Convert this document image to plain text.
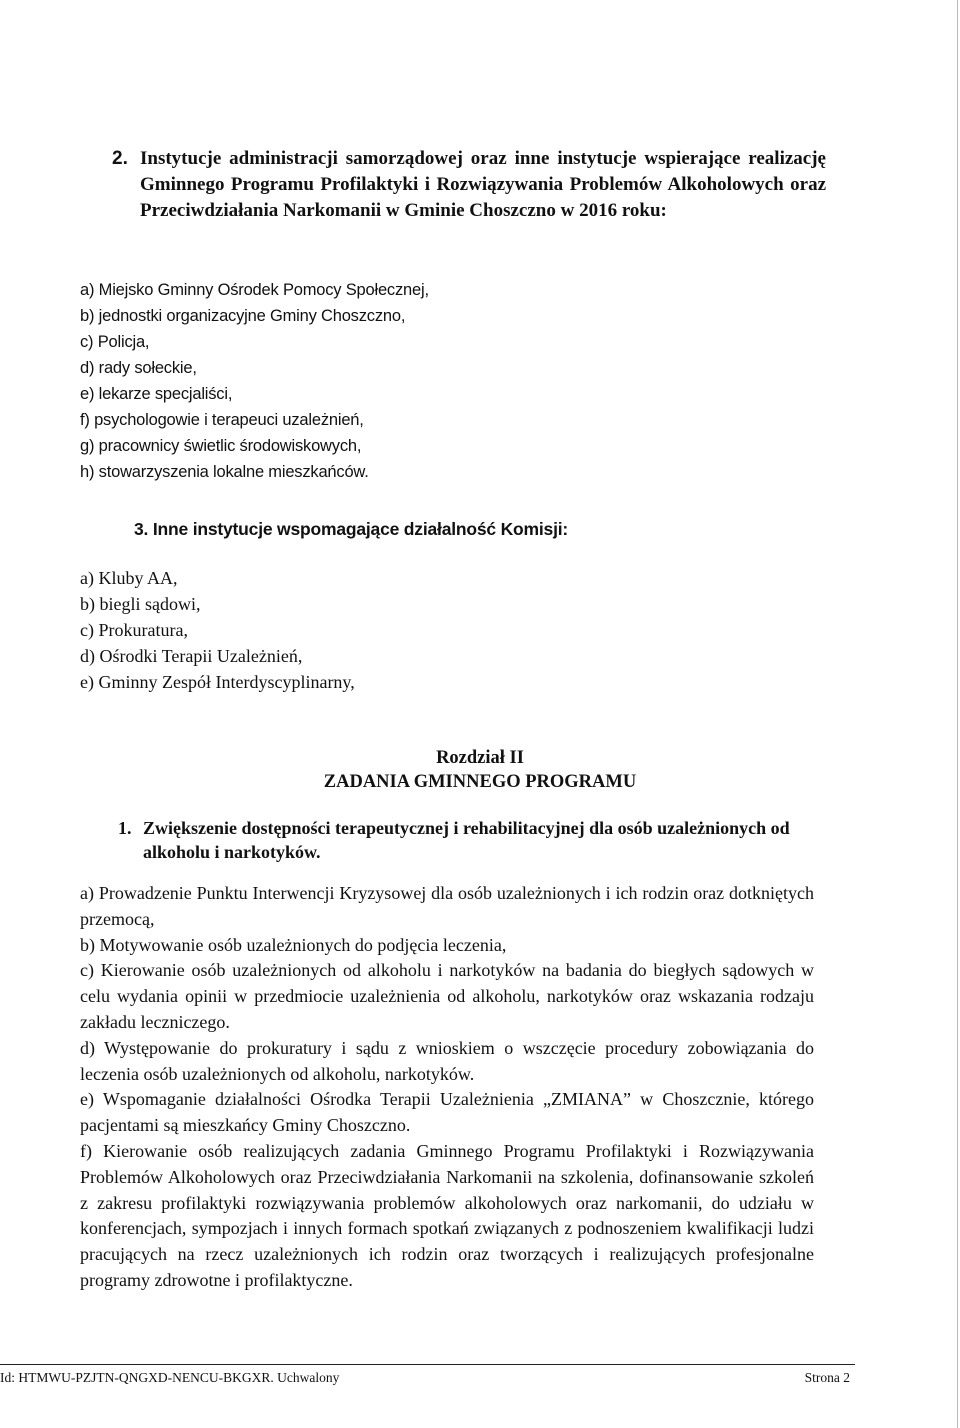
2. Instytucje administracji samorządowej oraz inne instytucje wspierające realizację Gminnego Programu Profilaktyki i Rozwiązywania Problemów Alkoholowych oraz Przeciwdziałania Narkomanii w Gminie Choszczno w 2016 roku:
a) Miejsko Gminny Ośrodek Pomocy Społecznej,
b) jednostki organizacyjne Gminy Choszczno,
c) Policja,
d) rady sołeckie,
e) lekarze specjaliści,
f) psychologowie i terapeuci uzależnień,
g) pracownicy świetlic środowiskowych,
h) stowarzyszenia lokalne mieszkańców.
3. Inne instytucje wspomagające działalność Komisji:
a) Kluby AA,
b) biegli sądowi,
c) Prokuratura,
d) Ośrodki Terapii Uzależnień,
e) Gminny Zespół Interdyscyplinarny,
Rozdział II
ZADANIA GMINNEGO PROGRAMU
1. Zwiększenie dostępności terapeutycznej i rehabilitacyjnej dla osób uzależnionych od alkoholu i narkotyków.

a) Prowadzenie Punktu Interwencji Kryzysowej dla osób uzależnionych i ich rodzin oraz dotkniętych przemocą,

b) Motywowanie osób uzależnionych do podjęcia leczenia,

c) Kierowanie osób uzależnionych od alkoholu i narkotyków na badania do biegłych sądowych w celu wydania opinii w przedmiocie uzależnienia od alkoholu, narkotyków oraz wskazania rodzaju zakładu leczniczego.

d) Występowanie do prokuratury i sądu z wnioskiem o wszczęcie procedury zobowiązania do leczenia osób uzależnionych od alkoholu, narkotyków.

e) Wspomaganie działalności Ośrodka Terapii Uzależnienia „ZMIANA” w Choszcznie, którego pacjentami są mieszkańcy Gminy Choszczno.

f) Kierowanie osób realizujących zadania Gminnego Programu Profilaktyki i Rozwiązywania Problemów Alkoholowych oraz Przeciwdziałania Narkomanii na szkolenia, dofinansowanie szkoleń z zakresu profilaktyki rozwiązywania problemów alkoholowych oraz narkomanii, do udziału w konferencjach, sympozjach i innych formach spotkań związanych z podnoszeniem kwalifikacji ludzi pracujących na rzecz uzależnionych ich rodzin oraz tworzących i realizujących profesjonalne programy zdrowotne i profilaktyczne.

Id: HTMWU-PZJTN-QNGXD-NENCU-BKGXR. Uchwalony	Strona 2
